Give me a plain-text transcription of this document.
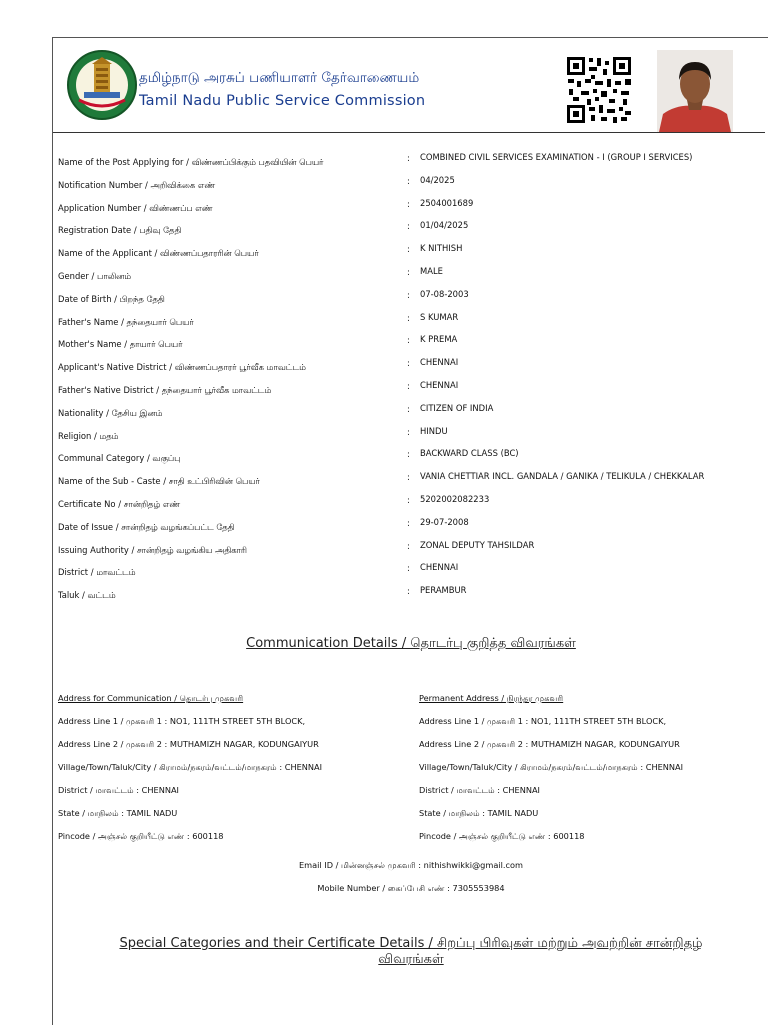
தமிழ்நாடு அரசுப் பணியாளர் தேர்வாணையம்
Tamil Nadu Public Service Commission
Name of the Post Applying for / விண்ணப்பிக்கும் பதவியின் பெயர்	: COMBINED CIVIL SERVICES EXAMINATION - I (GROUP I SERVICES)
Notification Number / அறிவிக்கை எண்	: 04/2025
Application Number / விண்ணப்ப எண்	: 2504001689
Registration Date / பதிவு தேதி	: 01/04/2025
Name of the Applicant / விண்ணப்பதாரரின் பெயர்	: K NITHISH
Gender / பாலினம்	: MALE
Date of Birth / பிறந்த தேதி	: 07-08-2003
Father's Name / தந்தையார் பெயர்	: S KUMAR
Mother's Name / தாயார் பெயர்	: K PREMA
Applicant's Native District / விண்ணப்பதாரர் பூர்வீக மாவட்டம்	: CHENNAI
Father's Native District / தந்தையார் பூர்வீக மாவட்டம்	: CHENNAI
Nationality / தேசிய இனம்	: CITIZEN OF INDIA
Religion / மதம்	: HINDU
Communal Category / வகுப்பு	: BACKWARD CLASS (BC)
Name of the Sub - Caste / சாதி உட்பிரிவின் பெயர்	: VANIA CHETTIAR INCL. GANDALA / GANIKA / TELIKULA / CHEKKALAR
Certificate No / சான்றிதழ் எண்	: 5202002082233
Date of Issue / சான்றிதழ் வழங்கப்பட்ட தேதி	: 29-07-2008
Issuing Authority / சான்றிதழ் வழங்கிய அதிகாரி	: ZONAL DEPUTY TAHSILDAR
District / மாவட்டம்	: CHENNAI
Taluk / வட்டம்	: PERAMBUR
Communication Details / தொடர்பு குறித்த விவரங்கள்
Address for Communication / தொடர்பு முகவரி
Address Line 1 / முகவரி 1 : NO1, 111TH STREET 5TH BLOCK,
Address Line 2 / முகவரி 2 : MUTHAMIZH NAGAR, KODUNGAIYUR
Village/Town/Taluk/City / கிராமம்/நகரம்/வட்டம்/மாநகரம் : CHENNAI
District / மாவட்டம் : CHENNAI
State / மாநிலம் : TAMIL NADU
Pincode / அஞ்சல் குறியீட்டு எண் : 600118
Permanent Address / நிரந்தர முகவரி
Address Line 1 / முகவரி 1 : NO1, 111TH STREET 5TH BLOCK,
Address Line 2 / முகவரி 2 : MUTHAMIZH NAGAR, KODUNGAIYUR
Village/Town/Taluk/City / கிராமம்/நகரம்/வட்டம்/மாநகரம் : CHENNAI
District / மாவட்டம் : CHENNAI
State / மாநிலம் : TAMIL NADU
Pincode / அஞ்சல் குறியீட்டு எண் : 600118
Email ID / மின்னஞ்சல் முகவரி : nithishwikki@gmail.com
Mobile Number / கைப்பேசி எண் : 7305553984
Special Categories and their Certificate Details / சிறப்பு பிரிவுகள் மற்றும் அவற்றின் சான்றிதழ்
விவரங்கள்
